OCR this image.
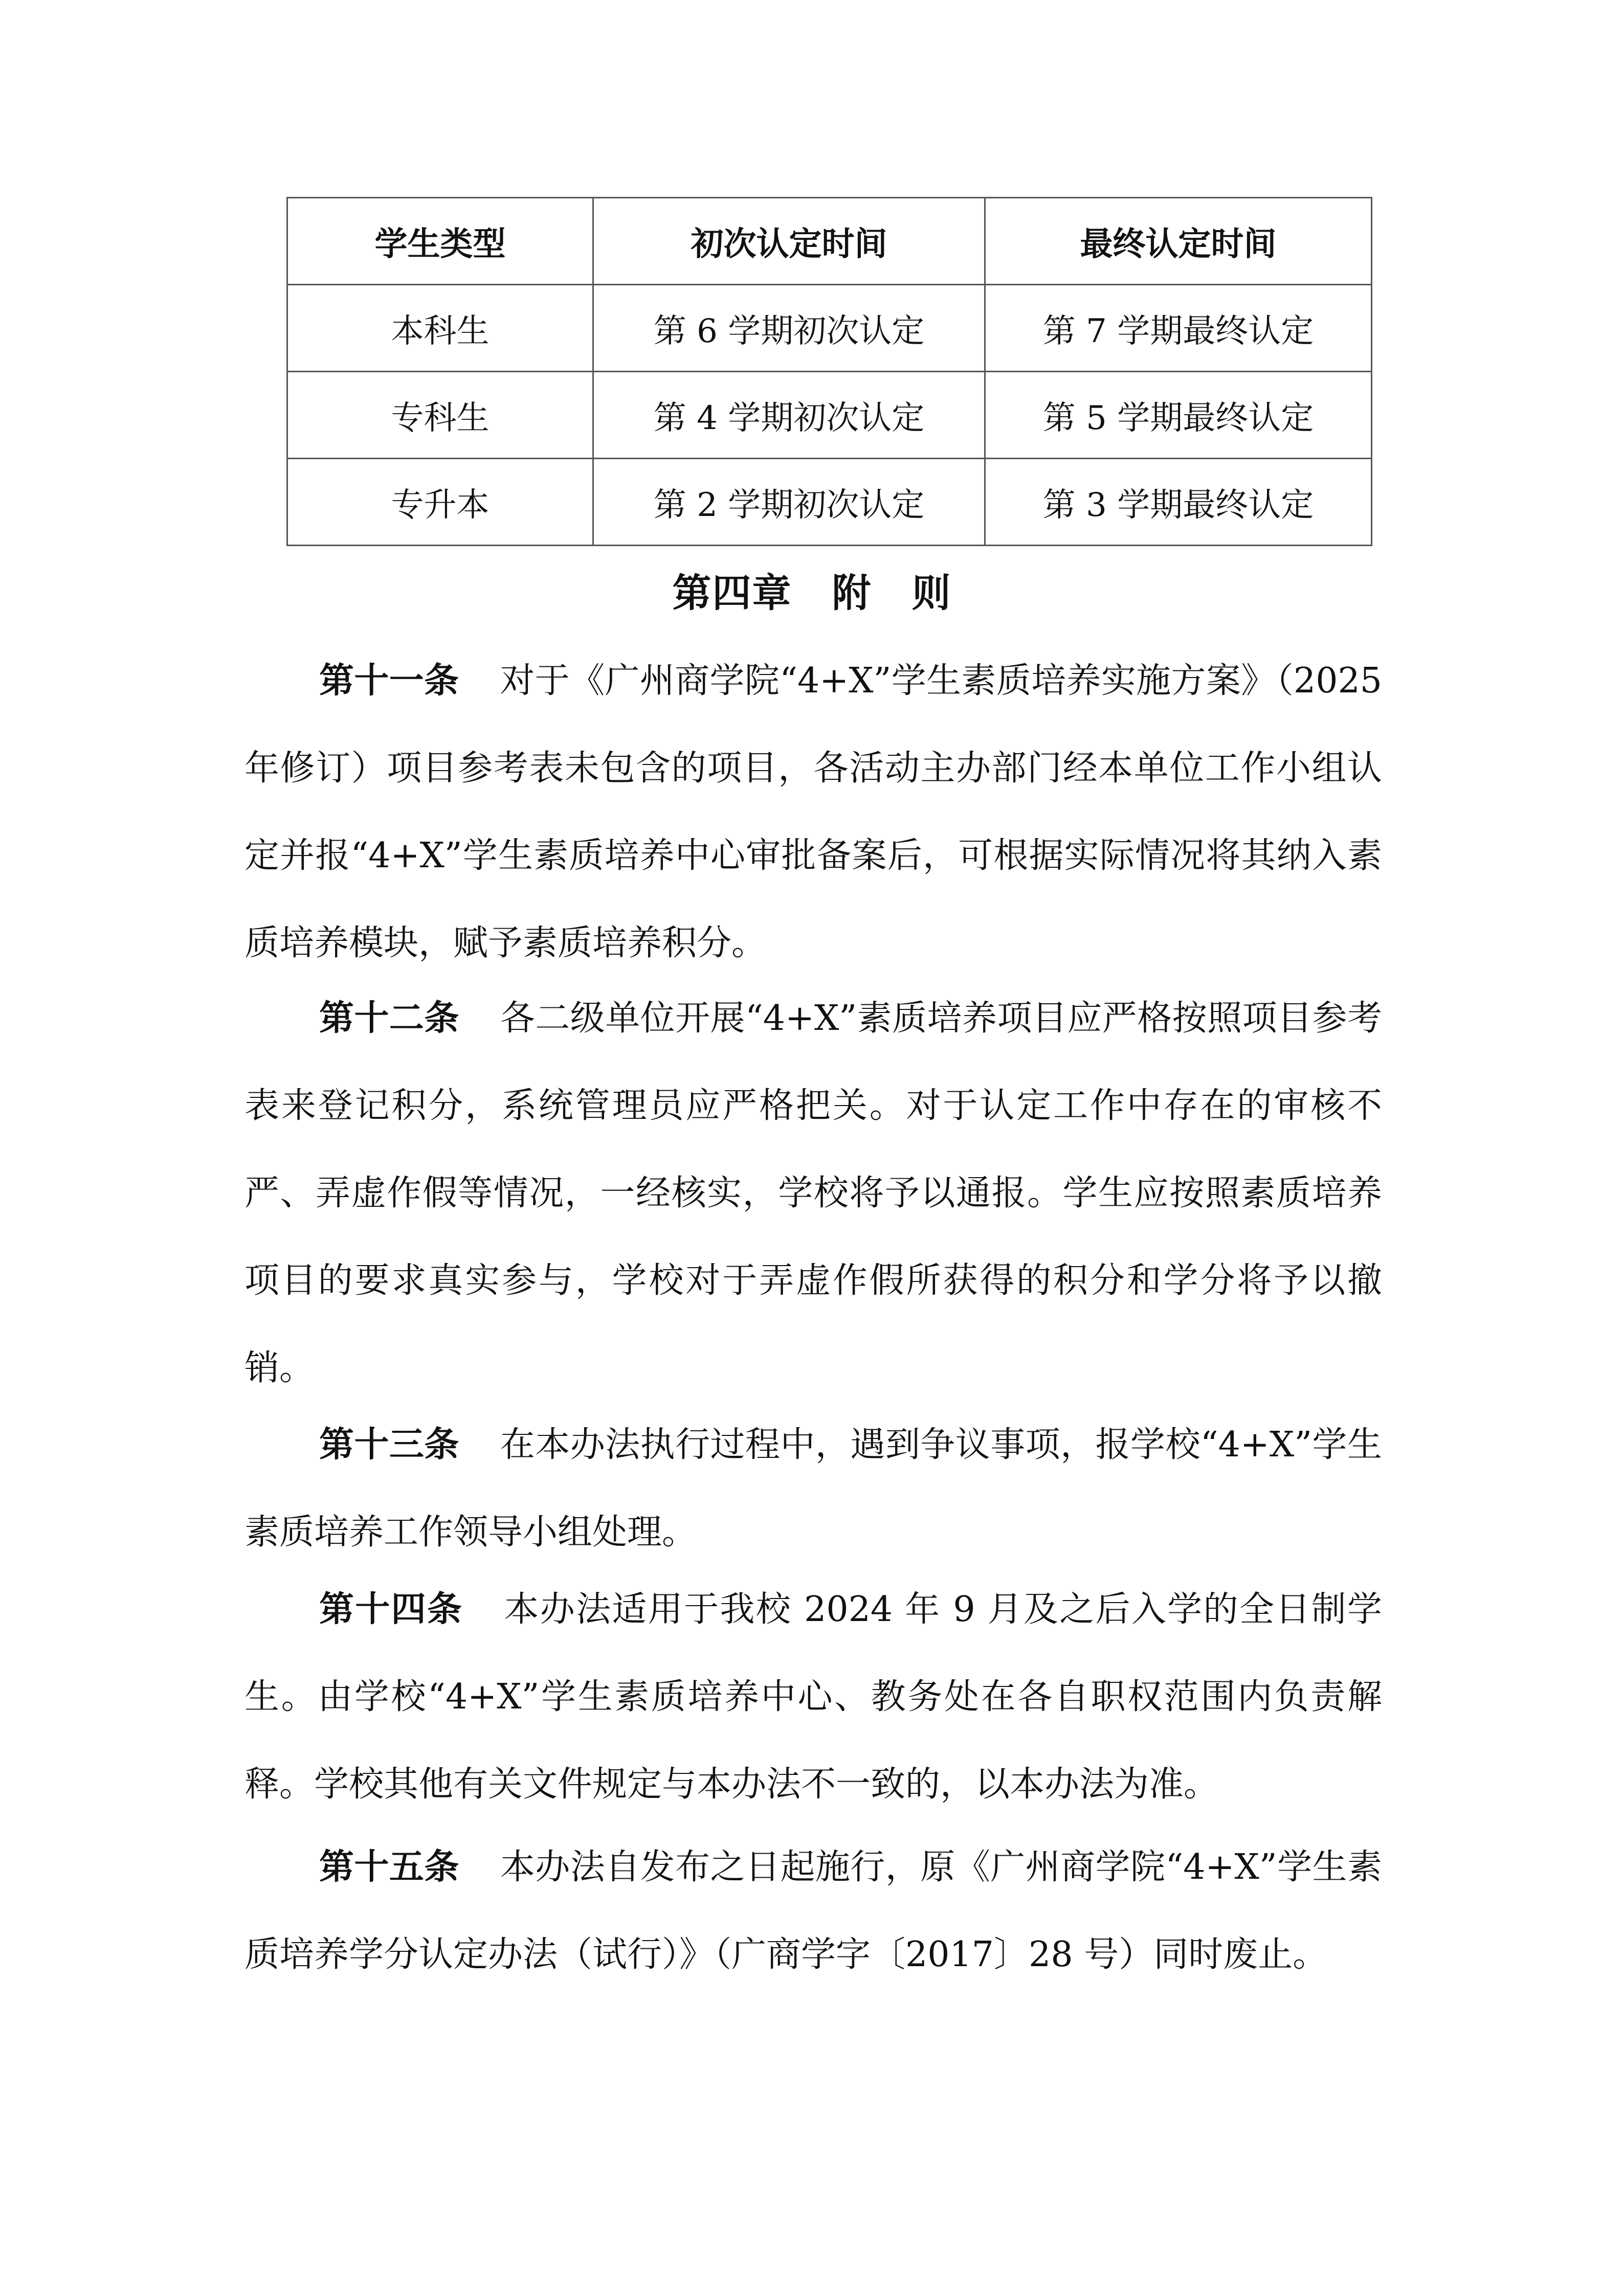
学生类型	初次认定时间	最终认定时间
本科生	第 6 学期初次认定	第 7 学期最终认定
专科生	第 4 学期初次认定	第 5 学期最终认定
专升本	第 2 学期初次认定	第 3 学期最终认定
第四章　附　则

第十一条 对于《广州商学院“4+X”学生素质培养实施方案》（2025 年修订）项目参考表未包含的项目，各活动主办部门经本单位工作小组认定并报“4+X”学生素质培养中心审批备案后，可根据实际情况将其纳入素质培养模块，赋予素质培养积分。

第十二条 各二级单位开展“4+X”素质培养项目应严格按照项目参考表来登记积分，系统管理员应严格把关。对于认定工作中存在的审核不严、弄虚作假等情况，一经核实，学校将予以通报。学生应按照素质培养项目的要求真实参与，学校对于弄虚作假所获得的积分和学分将予以撤销。

第十三条 在本办法执行过程中，遇到争议事项，报学校“4+X”学生素质培养工作领导小组处理。

第十四条 本办法适用于我校 2024 年 9 月及之后入学的全日制学生。由学校“4+X”学生素质培养中心、教务处在各自职权范围内负责解释。学校其他有关文件规定与本办法不一致的，以本办法为准。

第十五条 本办法自发布之日起施行，原《广州商学院“4+X”学生素质培养学分认定办法（试行）》（广商学字〔2017〕28 号）同时废止。
